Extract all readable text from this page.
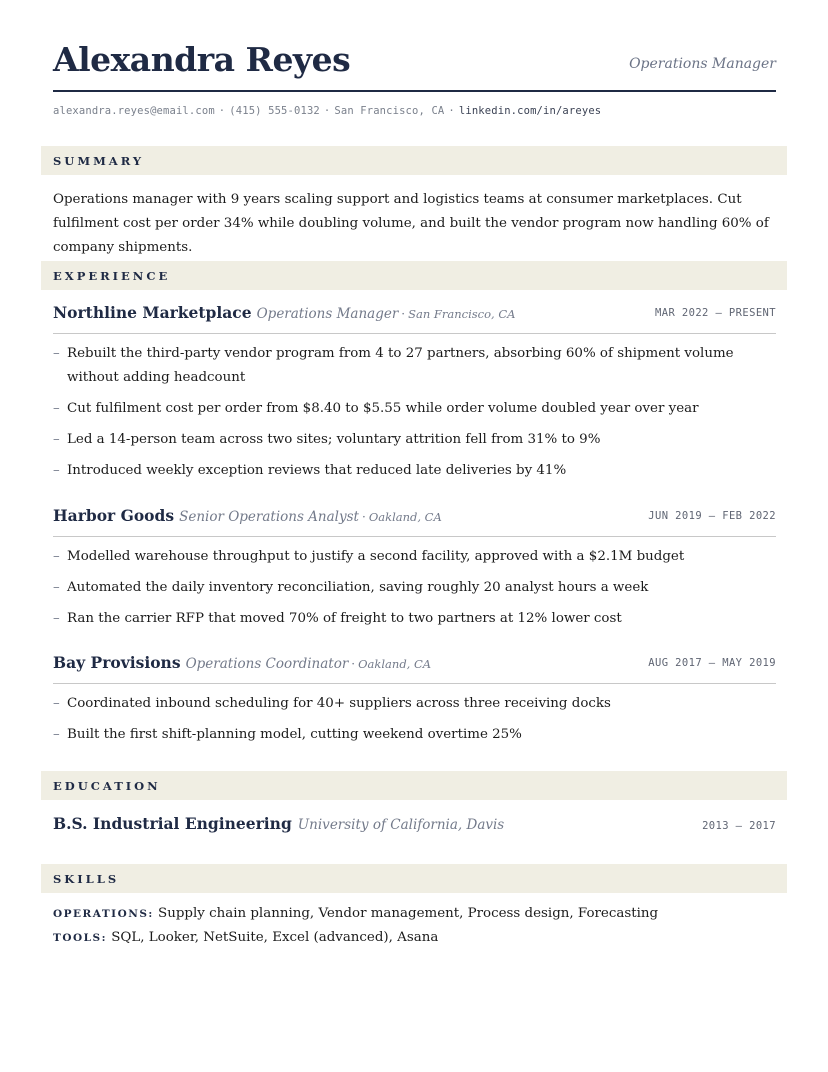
Alexandra Reyes	Operations Manager
alexandra.reyes@email.com · (415) 555-0132 · San Francisco, CA · linkedin.com/in/areyes
SUMMARY
Operations manager with 9 years scaling support and logistics teams at consumer marketplaces. Cut fulfilment cost per order 34% while doubling volume, and built the vendor program now handling 60% of company shipments.
EXPERIENCE
Northline Marketplace Operations Manager · San Francisco, CA	MAR 2022 – PRESENT
– Rebuilt the third-party vendor program from 4 to 27 partners, absorbing 60% of shipment volume without adding headcount
– Cut fulfilment cost per order from $8.40 to $5.55 while order volume doubled year over year
– Led a 14-person team across two sites; voluntary attrition fell from 31% to 9%
– Introduced weekly exception reviews that reduced late deliveries by 41%
Harbor Goods Senior Operations Analyst · Oakland, CA	JUN 2019 – FEB 2022
– Modelled warehouse throughput to justify a second facility, approved with a $2.1M budget
– Automated the daily inventory reconciliation, saving roughly 20 analyst hours a week
– Ran the carrier RFP that moved 70% of freight to two partners at 12% lower cost
Bay Provisions Operations Coordinator · Oakland, CA	AUG 2017 – MAY 2019
– Coordinated inbound scheduling for 40+ suppliers across three receiving docks
– Built the first shift-planning model, cutting weekend overtime 25%
EDUCATION
B.S. Industrial Engineering University of California, Davis	2013 – 2017
SKILLS
OPERATIONS: Supply chain planning, Vendor management, Process design, Forecasting
TOOLS: SQL, Looker, NetSuite, Excel (advanced), Asana
